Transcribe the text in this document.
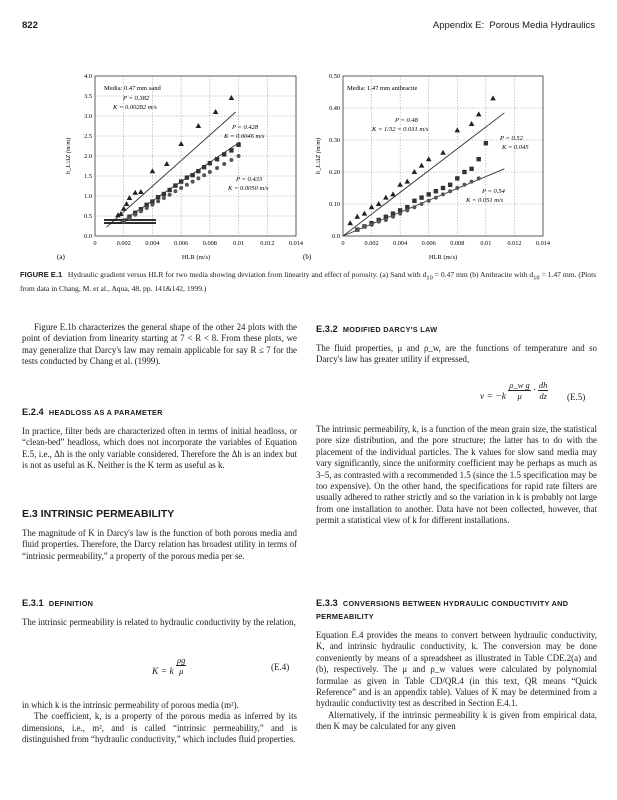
822	Appendix E: Porous Media Hydraulics
0	0.002 0.004 0.006 0.008	0.01	0.012 0.014
0.0
0.5
1.0
1.5
2.0
2.5
3.0
3.5
4.0
Media: 0.47 mm sand
P = 0.382
K = 0.00282 m/s
P = 0.428
K = 0.0046 m/s
P = 0.433
K = 0.0050 m/s
HLR (m/s)
h_L/ΔZ (m/m)
(a)
0	0.002 0.004 0.006 0.008	0.01	0.012 0.014
0.0
0.10
0.20
0.30
0.40
0.50
Media: 1.47 mm anthracite
P = 0.48
K = 1/32 = 0.031 m/s
P = 0.52
K = 0.045
P = 0.54
K = 0.051 m/s
HLR (m/s)
h_L/ΔZ (m/m)
(b)
FIGURE E.1 Hydraulic gradient versus HLR for two media showing deviation from linearity and effect of porosity. (a) Sand with $d_{10} = 0.47$ mm (b) Anthracite with $d_{10} = 1.47$ mm. (Plots from data in Chang, M. et al., Aqua, 48, pp. 141&142, 1999.)

Figure E.1b characterizes the general shape of the other 24 plots with the point of deviation from linearity starting at 7 < R < 8. From these plots, we may generalize that Darcy's law may remain applicable for say R ≤ 7 for the tests conducted by Chang et al. (1999).

E.2.4 HEADLOSS AS A PARAMETER

In practice, filter beds are characterized often in terms of initial headloss, or “clean-bed” headloss, which does not incorporate the variables of Equation E.5, i.e., Δh is the only variable considered. Therefore the Δh is an index but is not as useful as K. Neither is the K term as useful as k.

E.3 INTRINSIC PERMEABILITY

The magnitude of K in Darcy's law is the function of both porous media and fluid properties. Therefore, the Darcy relation has broadest utility in terms of “intrinsic permeability,” a property of the porous media per se.

E.3.1 DEFINITION

The intrinsic permeability is related to hydraulic conductivity by the relation,

K = k $\frac{\rho g}{\mu}$	(E.4)

in which k is the intrinsic permeability of porous media (m²).

The coefficient, k, is a property of the porous media as inferred by its dimensions, i.e., m², and is called “intrinsic permeability,” and is distinguished from “hydraulic conductivity,” which includes fluid properties.

E.3.2 MODIFIED DARCY'S LAW

The fluid properties, μ and ρ_w, are the functions of temperature and so Darcy's law has greater utility if expressed,

$v = -k \frac{\text{ρ\_w g}}{\mu} \cdot \frac{dh}{dz} (E.5)$

The intrinsic permeability, k, is a function of the mean grain size, the statistical pore size distribution, and the pore structure; the latter has to do with the placement of the individual particles. The k values for slow sand media may vary significantly, since the uniformity coefficient may be perhaps as much as 3–5, as contrasted with a recommended 1.5 (since the 1.5 specification may be too expensive). On the other hand, the specifications for rapid rate filters are usually adhered to rather strictly and so the variation in k is probably not large from one installation to another. Data have not been collected, however, that permit a statistical view of k for different installations.

E.3.3 CONVERSIONS BETWEEN HYDRAULIC CONDUCTIVITY AND PERMEABILITY

Equation E.4 provides the means to convert between hydraulic conductivity, K, and intrinsic hydraulic conductivity, k. The conversion may be done conveniently by means of a spreadsheet as illustrated in Table CDE.2(a) and (b), respectively. The μ and ρ_w values were calculated by polynomial formulae as given in Table CD/QR.4 (in this text, QR means “Quick Reference” and is an appendix table). Values of K may be determined from a hydraulic conductivity test as described in Section E.4.1.

Alternatively, if the intrinsic permeability k is given from empirical data, then K may be calculated for any given
